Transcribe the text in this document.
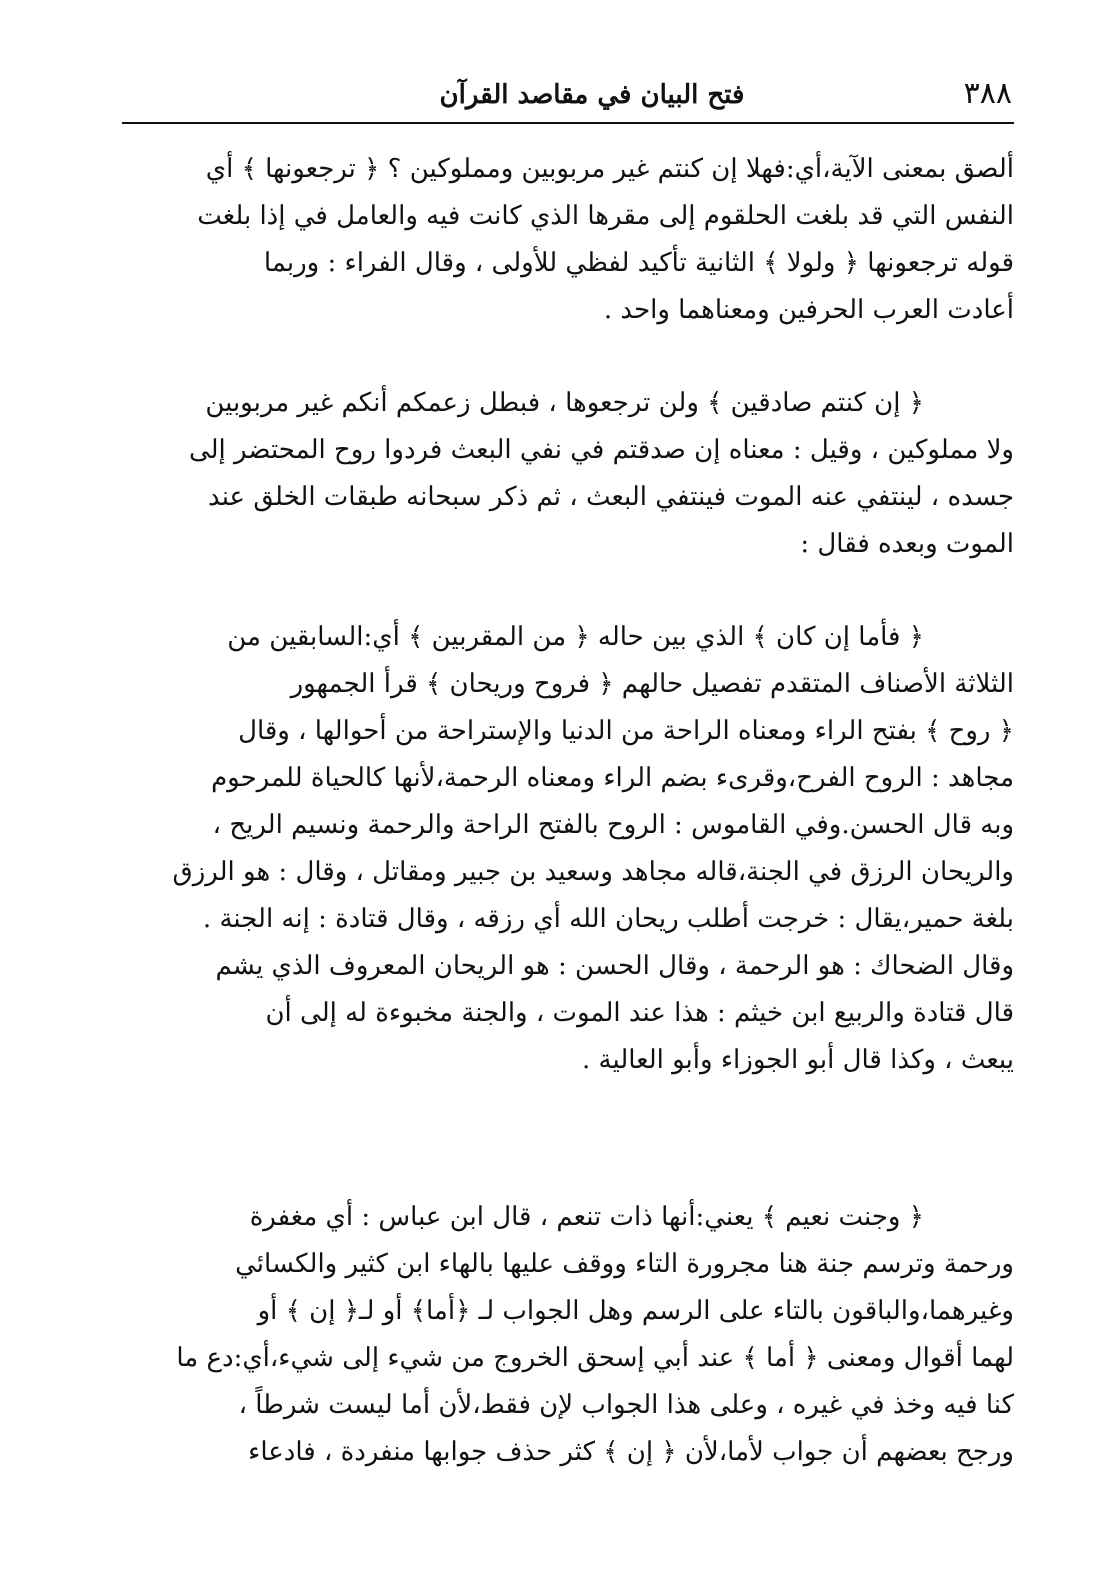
٣٨٨
فتح البيان في مقاصد القرآن
ألصق بمعنى الآية،أي:فهلا إن كنتم غير مربوبين ومملوكين ؟ ﴿ ترجعونها ﴾ أي
النفس التي قد بلغت الحلقوم إلى مقرها الذي كانت فيه والعامل في إذا بلغت
قوله ترجعونها ﴿ ولولا ﴾ الثانية تأكيد لفظي للأولى ، وقال الفراء : وربما
أعادت العرب الحرفين ومعناهما واحد .
﴿ إن كنتم صادقين ﴾ ولن ترجعوها ، فبطل زعمكم أنكم غير مربوبين
ولا مملوكين ، وقيل : معناه إن صدقتم في نفي البعث فردوا روح المحتضر إلى
جسده ، لينتفي عنه الموت فينتفي البعث ، ثم ذكر سبحانه طبقات الخلق عند
الموت وبعده فقال :
﴿ فأما إن كان ﴾ الذي بين حاله ﴿ من المقربين ﴾ أي:السابقين من
الثلاثة الأصناف المتقدم تفصيل حالهم ﴿ فروح وريحان ﴾ قرأ الجمهور
﴿ روح ﴾ بفتح الراء ومعناه الراحة من الدنيا والإستراحة من أحوالها ، وقال
مجاهد : الروح الفرح،وقرىء بضم الراء ومعناه الرحمة،لأنها كالحياة للمرحوم
وبه قال الحسن.وفي القاموس : الروح بالفتح الراحة والرحمة ونسيم الريح ،
والريحان الرزق في الجنة،قاله مجاهد وسعيد بن جبير ومقاتل ، وقال : هو الرزق
بلغة حمير،يقال : خرجت أطلب ريحان الله أي رزقه ، وقال قتادة : إنه الجنة .
وقال الضحاك : هو الرحمة ، وقال الحسن : هو الريحان المعروف الذي يشم
قال قتادة والربيع ابن خيثم : هذا عند الموت ، والجنة مخبوءة له إلى أن
يبعث ، وكذا قال أبو الجوزاء وأبو العالية .
﴿ وجنت نعيم ﴾ يعني:أنها ذات تنعم ، قال ابن عباس : أي مغفرة
ورحمة وترسم جنة هنا مجرورة التاء ووقف عليها بالهاء ابن كثير والكسائي
وغيرهما،والباقون بالتاء على الرسم وهل الجواب لـ ﴿أما﴾ أو لـ﴿ إن ﴾ أو
لهما أقوال ومعنى ﴿ أما ﴾ عند أبي إسحق الخروج من شيء إلى شيء،أي:دع ما
كنا فيه وخذ في غيره ، وعلى هذا الجواب لإن فقط،لأن أما ليست شرطاً ،
ورجح بعضهم أن جواب لأما،لأن ﴿ إن ﴾ كثر حذف جوابها منفردة ، فادعاء
